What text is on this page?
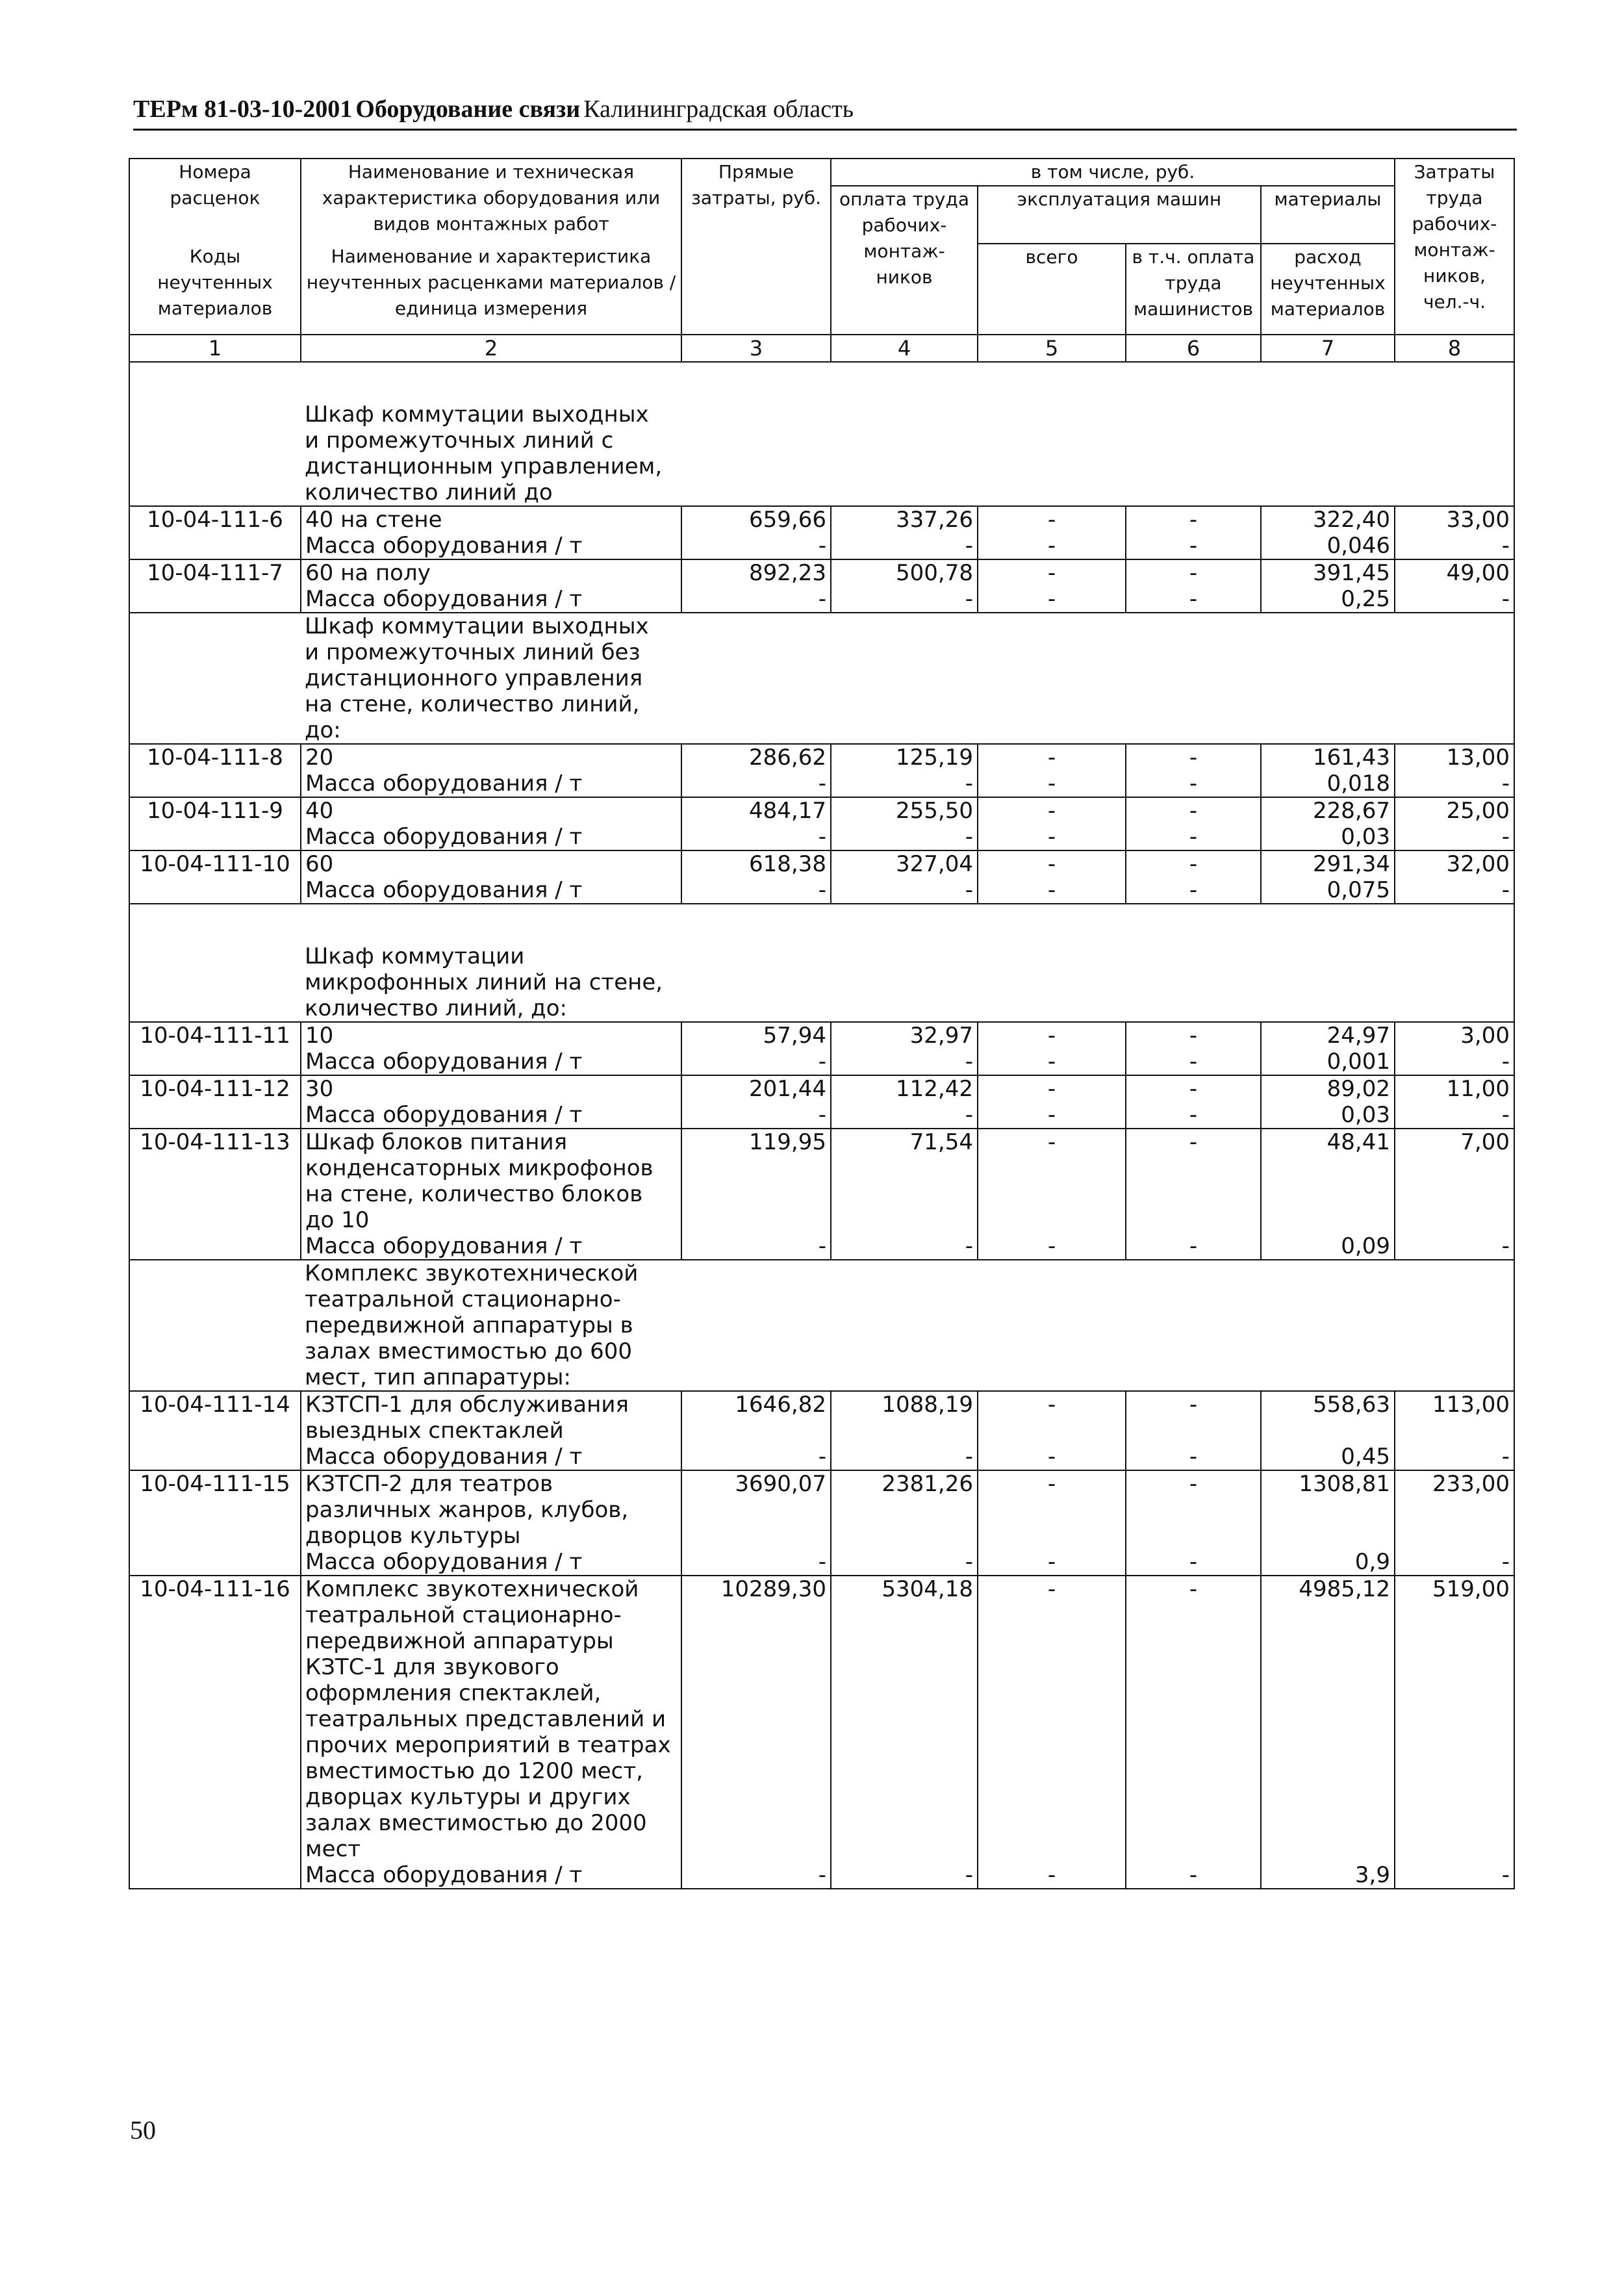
ТЕРм 81-03-10-2001 Оборудование связи Калининградская область
Номера расценок	Наименование и техническая характеристика оборудования или видов монтажных работ	Прямые затраты, руб.	в том числе, руб.				Затраты труда рабочих-монтаж-ников, чел.-ч.
			оплата труда рабочих-монтаж-ников	эксплуатация машин		материалы	
Коды неучтенных материалов	Наименование и характеристика неучтенных расценками материалов / единица измерения			всего	в т.ч. оплата труда машинистов	расход неучтенных материалов	

1	2	3	4	5	6	7	8

	Шкаф коммутации выходных и промежуточных линий с дистанционным управлением, количество линий до						

10-04-111-6	40 на стене	659,66	337,26	-	-	322,40	33,00
	Масса оборудования / т	-	-	-	-	0,046	-
10-04-111-7	60 на полу	892,23	500,78	-	-	391,45	49,00
	Масса оборудования / т	-	-	-	-	0,25	-

	Шкаф коммутации выходных и промежуточных линий без дистанционного управления на стене, количество линий, до:						

10-04-111-8	20	286,62	125,19	-	-	161,43	13,00
	Масса оборудования / т	-	-	-	-	0,018	-
10-04-111-9	40	484,17	255,50	-	-	228,67	25,00
	Масса оборудования / т	-	-	-	-	0,03	-
10-04-111-10	60	618,38	327,04	-	-	291,34	32,00
	Масса оборудования / т	-	-	-	-	0,075	-

	Шкаф коммутации микрофонных линий на стене, количество линий, до:						

10-04-111-11	10	57,94	32,97	-	-	24,97	3,00
	Масса оборудования / т	-	-	-	-	0,001	-
10-04-111-12	30	201,44	112,42	-	-	89,02	11,00
	Масса оборудования / т	-	-	-	-	0,03	-
10-04-111-13	Шкаф блоков питания конденсаторных микрофонов на стене, количество блоков до 10	119,95	71,54	-	-	48,41	7,00
	Масса оборудования / т	-	-	-	-	0,09	-

	Комплекс звукотехнической театральной стационарно-передвижной аппаратуры в залах вместимостью до 600 мест, тип аппаратуры:						

10-04-111-14	КЗТСП-1 для обслуживания выездных спектаклей	1646,82	1088,19	-	-	558,63	113,00
	Масса оборудования / т	-	-	-	-	0,45	-
10-04-111-15	КЗТСП-2 для театров различных жанров, клубов, дворцов культуры	3690,07	2381,26	-	-	1308,81	233,00
	Масса оборудования / т	-	-	-	-	0,9	-
10-04-111-16	Комплекс звукотехнической театральной стационарно-передвижной аппаратуры КЗТС-1 для звукового оформления спектаклей, театральных представлений и прочих мероприятий в театрах вместимостью до 1200 мест, дворцах культуры и других залах вместимостью до 2000 мест	10289,30	5304,18	-	-	4985,12	519,00
	Масса оборудования / т	-	-	-	-	3,9	-
50
